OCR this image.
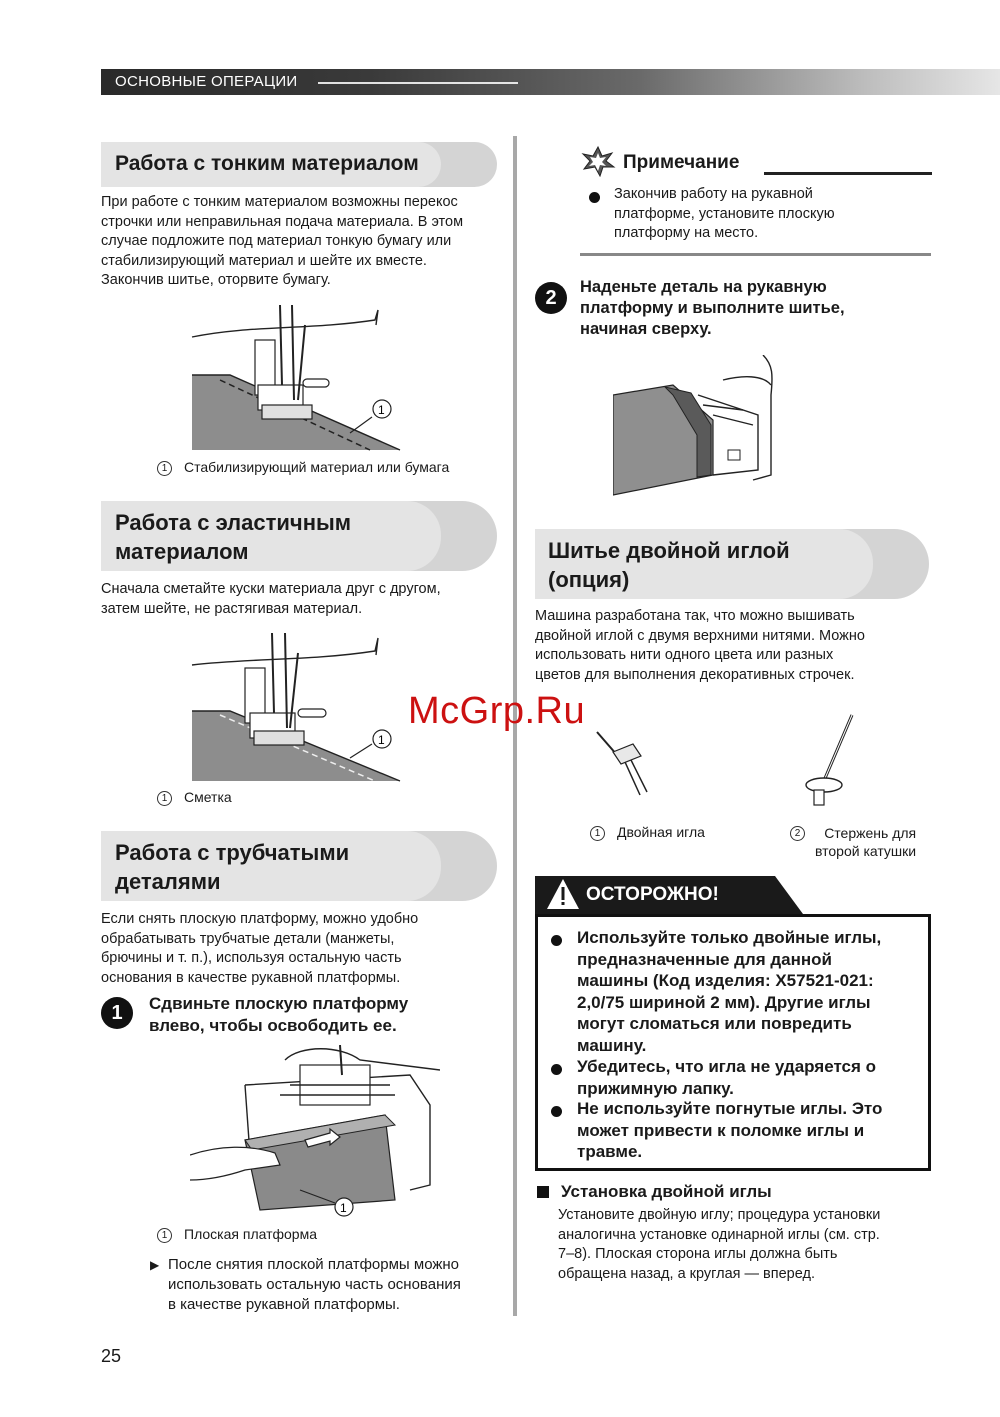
ОСНОВНЫЕ ОПЕРАЦИИ
Работа с тонким материалом
При работе с тонким материалом возможны перекос
строчки или неправильная подача материала. В этом
случае подложите под материал тонкую бумагу или
стабилизирующий материал и шейте их вместе.
Закончив шитье, оторвите бумагу.
1
1 Стабилизирующий материал или бумага
Работа с эластичным
материалом
Сначала сметайте куски материала друг с другом,
затем шейте, не растягивая материал.
1
1 Сметка
Работа с трубчатыми
деталями
Если снять плоскую платформу, можно удобно
обрабатывать трубчатые детали (манжеты,
брючины и т. п.), используя остальную часть
основания в качестве рукавной платформы.
1	Сдвиньте плоскую платформу
влево, чтобы освободить ее.
1
1 Плоская платформа
▶ После снятия плоской платформы можно
использовать остальную часть основания
в качестве рукавной платформы.
Примечание
Закончив работу на рукавной
платформе, установите плоскую
платформу на место.
2	Наденьте деталь на рукавную
платформу и выполните шитье,
начиная сверху.
Шитье двойной иглой
(опция)
Машина разработана так, что можно вышивать
двойной иглой с двумя верхними нитями. Можно
использовать нити одного цвета или разных
цветов для выполнения декоративных строчек.
McGrp.Ru
1 Двойная игла	2	Стержень для
второй катушки
ОСТОРОЖНО!
Используйте только двойные иглы,
предназначенные для данной
машины (Код изделия: X57521-021:
2,0/75 шириной 2 мм). Другие иглы
могут сломаться или повредить
машину.
Убедитесь, что игла не ударяется о
прижимную лапку.
Не используйте погнутые иглы. Это
может привести к поломке иглы и
травме.
Установка двойной иглы
Установите двойную иглу; процедура установки
аналогична установке одинарной иглы (см. стр.
7–8). Плоская сторона иглы должна быть
обращена назад, а круглая — вперед.
25
